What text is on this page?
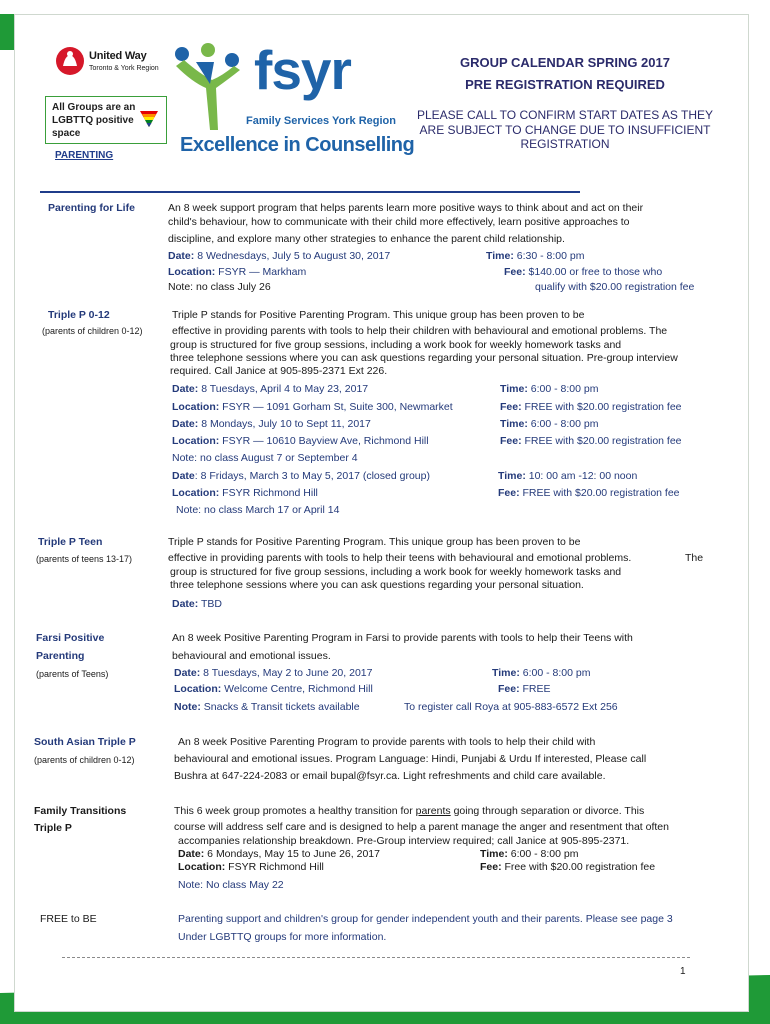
United Way
Toronto & York Region fsyr
Family Services York Region
Excellence in Counselling
All Groups are an LGBTTQ positive space
PARENTING
GROUP CALENDAR SPRING 2017
PRE REGISTRATION REQUIRED
PLEASE CALL TO CONFIRM START DATES AS THEY ARE SUBJECT TO CHANGE DUE TO INSUFFICIENT REGISTRATION
Parenting for Life	An 8 week support program that helps parents learn more positive ways to think about and act on their
child's behaviour, how to communicate with their child more effectively, learn positive approaches to
discipline, and explore many other strategies to enhance the parent child relationship.
Date: 8 Wednesdays, July 5 to August 30, 2017	Time: 6:30 - 8:00 pm
Location: FSYR — Markham	Fee: $140.00 or free to those who
Note: no class July 26	qualify with $20.00 registration fee
Triple P 0-12
(parents of children 0-12)
Triple P stands for Positive Parenting Program. This unique group has been proven to be
effective in providing parents with tools to help their children with behavioural and emotional problems. The
group is structured for five group sessions, including a work book for weekly homework tasks and
three telephone sessions where you can ask questions regarding your personal situation. Pre-group interview
required. Call Janice at 905-895-2371 Ext 226.
Date: 8 Tuesdays, April 4 to May 23, 2017	Time: 6:00 - 8:00 pm
Location: FSYR — 1091 Gorham St, Suite 300, Newmarket	Fee: FREE with $20.00 registration fee
Date: 8 Mondays, July 10 to Sept 11, 2017	Time: 6:00 - 8:00 pm
Location: FSYR — 10610 Bayview Ave, Richmond Hill	Fee: FREE with $20.00 registration fee
Note: no class August 7 or September 4
Date: 8 Fridays, March 3 to May 5, 2017 (closed group)	Time: 10: 00 am -12: 00 noon
Location: FSYR Richmond Hill	Fee: FREE with $20.00 registration fee
Note: no class March 17 or April 14
Triple P Teen
(parents of teens 13-17)
Triple P stands for Positive Parenting Program. This unique group has been proven to be
effective in providing parents with tools to help their teens with behavioural and emotional problems.	The
group is structured for five group sessions, including a work book for weekly homework tasks and
three telephone sessions where you can ask questions regarding your personal situation.
Date: TBD
Farsi Positive
Parenting
(parents of Teens)
An 8 week Positive Parenting Program in Farsi to provide parents with tools to help their Teens with
behavioural and emotional issues.
Date: 8 Tuesdays, May 2 to June 20, 2017	Time: 6:00 - 8:00 pm
Location: Welcome Centre, Richmond Hill	Fee: FREE
Note: Snacks & Transit tickets available	To register call Roya at 905-883-6572 Ext 256
South Asian Triple P
(parents of children 0-12)
An 8 week Positive Parenting Program to provide parents with tools to help their child with
behavioural and emotional issues. Program Language: Hindi, Punjabi & Urdu If interested, Please call
Bushra at 647-224-2083 or email bupal@fsyr.ca. Light refreshments and child care available.
Family Transitions
Triple P
This 6 week group promotes a healthy transition for parents going through separation or divorce. This
course will address self care and is designed to help a parent manage the anger and resentment that often
accompanies relationship breakdown. Pre-Group interview required; call Janice at 905-895-2371.
Date: 6 Mondays, May 15 to June 26, 2017	Time: 6:00 - 8:00 pm
Location: FSYR Richmond Hill	Fee: Free with $20.00 registration fee
Note: No class May 22
FREE to BE	Parenting support and children's group for gender independent youth and their parents. Please see page 3
Under LGBTTQ groups for more information.
1
